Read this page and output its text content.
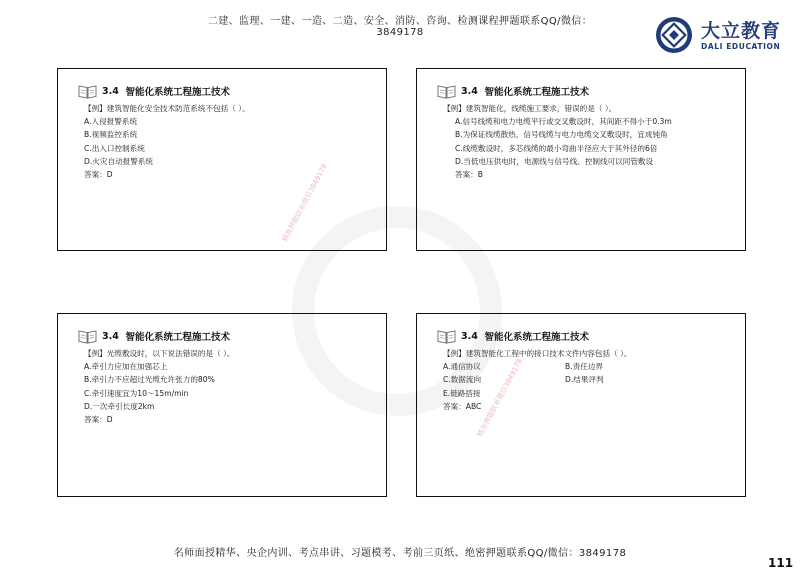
二建、监理、一建、一造、二造、安全、消防、咨询、检测课程押题联系QQ/微信：3849178	大立教育
DALI EDUCATION
3.4
智能化系统工程施工技术
【例】建筑智能化安全技术防范系统不包括（ ）。
A.入侵报警系统
B.视频监控系统
C.出入口控制系统
D.火灾自动报警系统
答案：D	精准押题联系微信3849178
3.4
智能化系统工程施工技术
【例】建筑智能化，线缆施工要求，错误的是（ ）。
A.信号线缆和电力电缆平行或交叉敷设时，其间距不得小于0.3m
B.为保证线缆散热，信号线缆与电力电缆交叉敷设时，宜成钝角
C.线缆敷设时，多芯线缆的最小弯曲半径应大于其外径的6倍
D.当低电压供电时，电源线与信号线、控制线可以同管敷设
答案：B
3.4
智能化系统工程施工技术
【例】光缆敷设时，以下说法错误的是（ ）。
A.牵引力应加在加强芯上
B.牵引力不应超过光缆允许张力的80%
C.牵引速度宜为10～15m/min
D.一次牵引长度2km
答案：D
3.4
智能化系统工程施工技术
【例】建筑智能化工程中的接口技术文件内容包括（ ）。
A.通信协议	B.责任边界
C.数据流向	D.结果评判
E.链路搭接
答案：ABC
精准押题联系微信3849178
名师面授精华、央企内训、考点串讲、习题模考、考前三页纸、绝密押题联系QQ/微信：3849178
111
